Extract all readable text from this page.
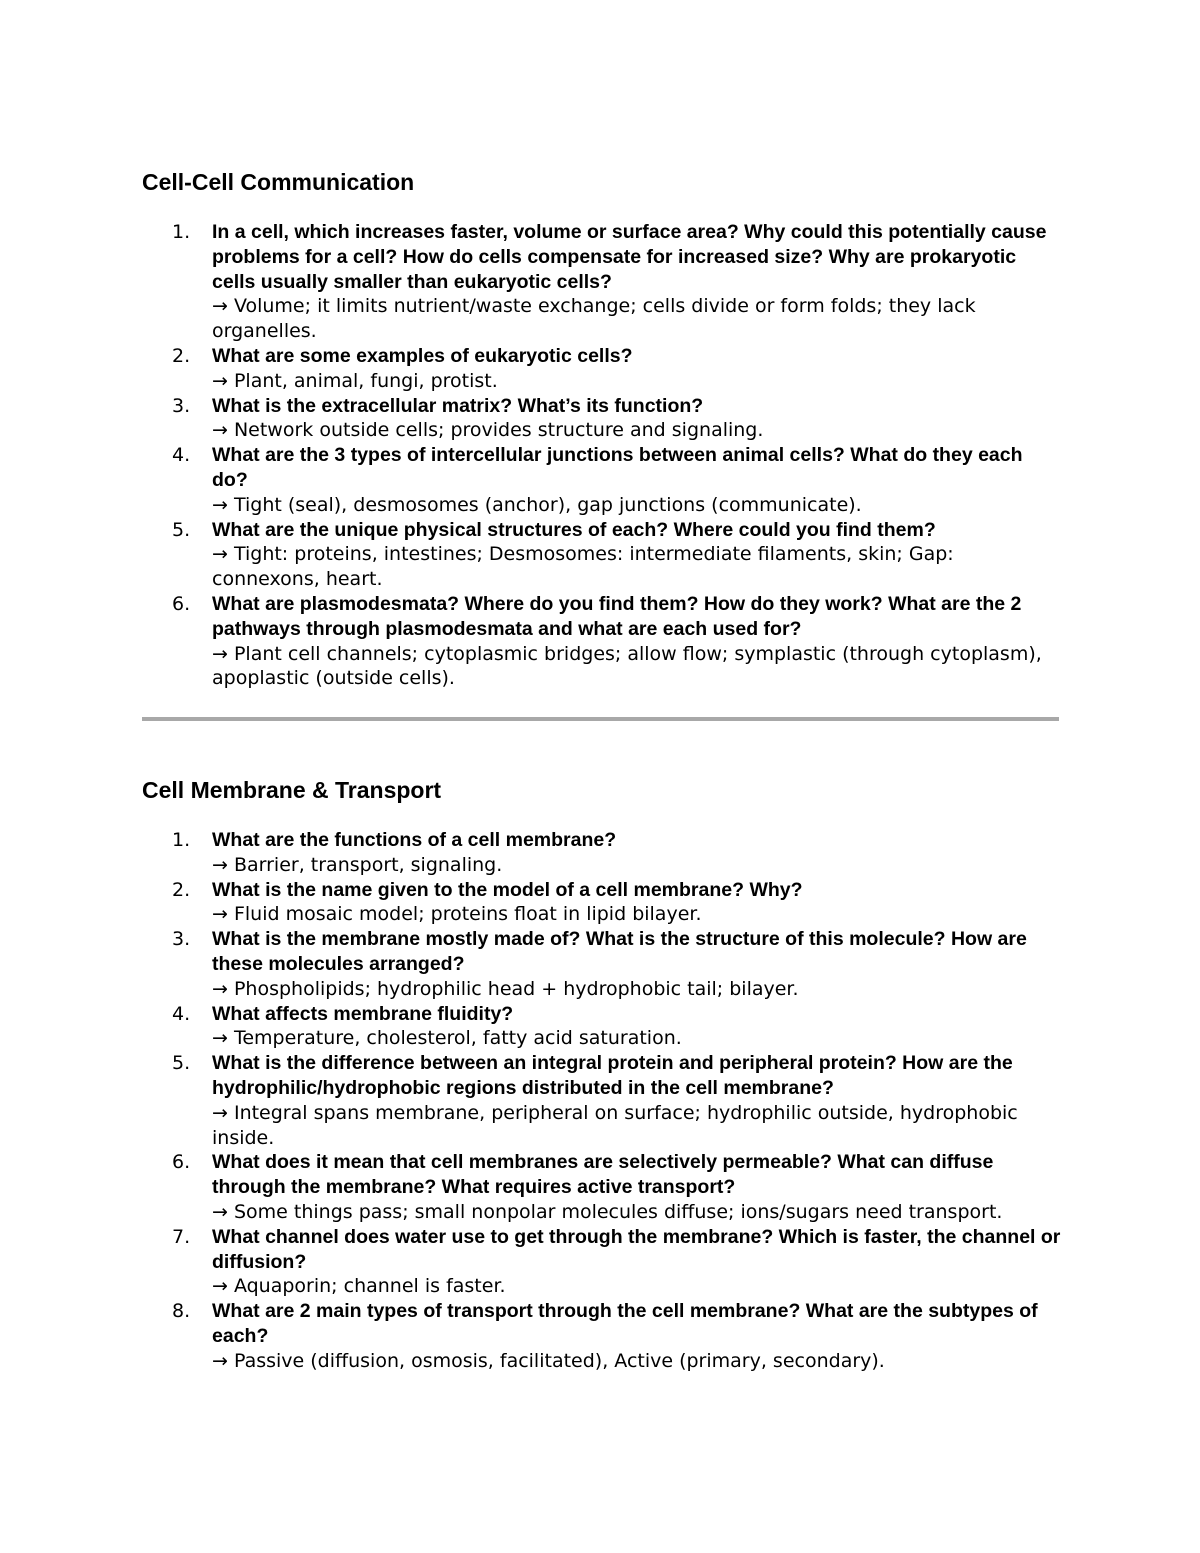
Cell-Cell Communication
1.	In a cell, which increases faster, volume or surface area? Why could this potentially cause problems for a cell? How do cells compensate for increased size? Why are prokaryotic cells usually smaller than eukaryotic cells?
→ Volume; it limits nutrient/waste exchange; cells divide or form folds; they lack organelles.
2.	What are some examples of eukaryotic cells?
→ Plant, animal, fungi, protist.
3.	What is the extracellular matrix? What’s its function?
→ Network outside cells; provides structure and signaling.
4.	What are the 3 types of intercellular junctions between animal cells? What do they each do?
→ Tight (seal), desmosomes (anchor), gap junctions (communicate).
5.	What are the unique physical structures of each? Where could you find them?
→ Tight: proteins, intestines; Desmosomes: intermediate filaments, skin; Gap: connexons, heart.
6.	What are plasmodesmata? Where do you find them? How do they work? What are the 2 pathways through plasmodesmata and what are each used for?
→ Plant cell channels; cytoplasmic bridges; allow flow; symplastic (through cytoplasm), apoplastic (outside cells).
Cell Membrane & Transport
1.	What are the functions of a cell membrane?
→ Barrier, transport, signaling.
2.	What is the name given to the model of a cell membrane? Why?
→ Fluid mosaic model; proteins float in lipid bilayer.
3.	What is the membrane mostly made of? What is the structure of this molecule? How are these molecules arranged?
→ Phospholipids; hydrophilic head + hydrophobic tail; bilayer.
4.	What affects membrane fluidity?
→ Temperature, cholesterol, fatty acid saturation.
5.	What is the difference between an integral protein and peripheral protein? How are the hydrophilic/hydrophobic regions distributed in the cell membrane?
→ Integral spans membrane, peripheral on surface; hydrophilic outside, hydrophobic inside.
6.	What does it mean that cell membranes are selectively permeable? What can diffuse through the membrane? What requires active transport?
→ Some things pass; small nonpolar molecules diffuse; ions/sugars need transport.
7.	What channel does water use to get through the membrane? Which is faster, the channel or diffusion?
→ Aquaporin; channel is faster.
8.	What are 2 main types of transport through the cell membrane? What are the subtypes of each?
→ Passive (diffusion, osmosis, facilitated), Active (primary, secondary).
